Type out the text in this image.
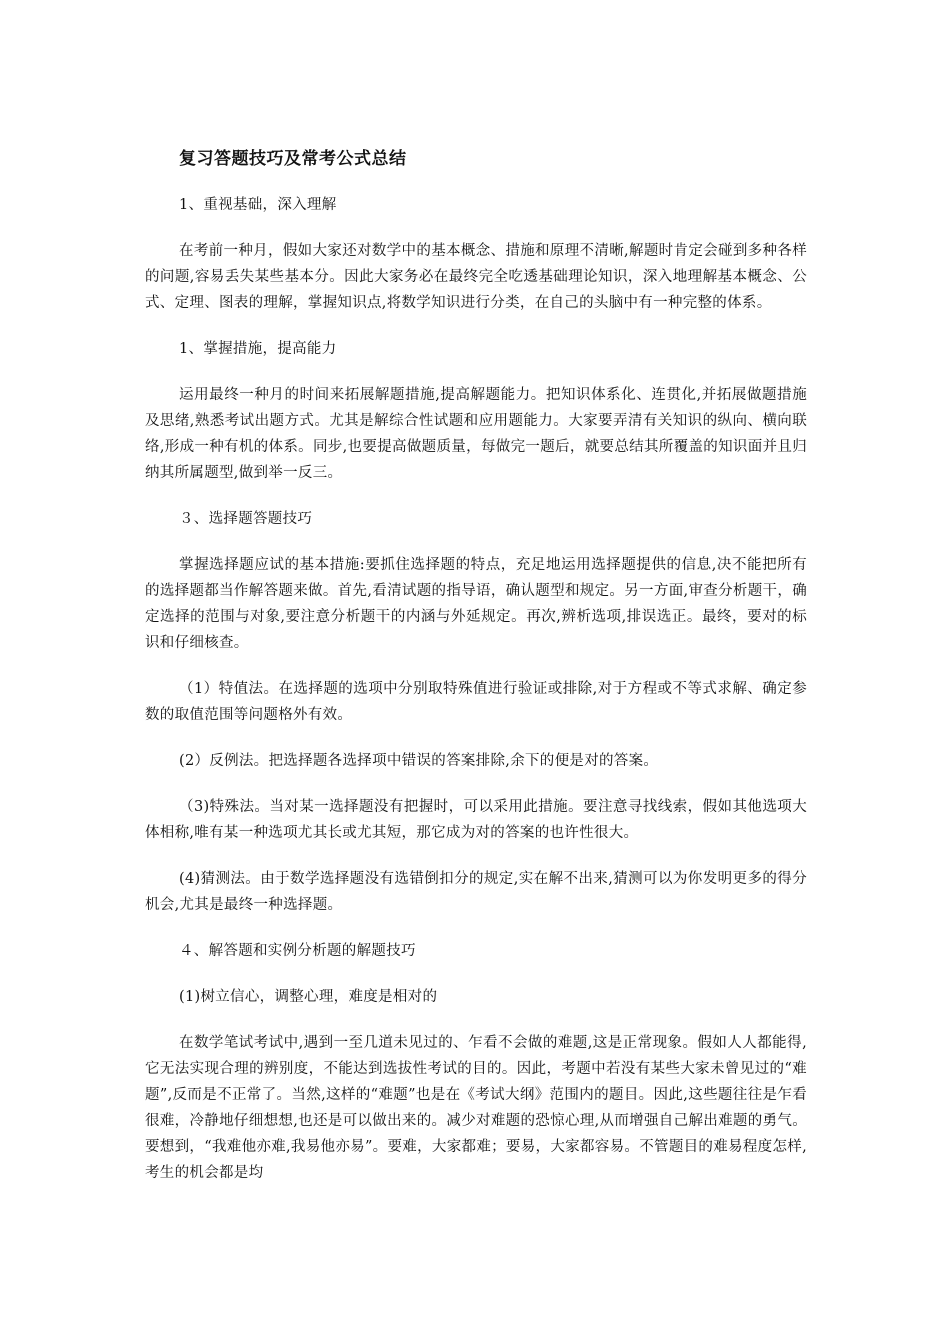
复习答题技巧及常考公式总结
1、重视基础，深入理解
在考前一种月，假如大家还对数学中的基本概念、措施和原理不清晰,解题时肯定会碰到多种各样的问题,容易丢失某些基本分。因此大家务必在最终完全吃透基础理论知识，深入地理解基本概念、公式、定理、图表的理解，掌握知识点,将数学知识进行分类，在自己的头脑中有一种完整的体系。
1、掌握措施，提高能力
运用最终一种月的时间来拓展解题措施,提高解题能力。把知识体系化、连贯化,并拓展做题措施及思绪,熟悉考试出题方式。尤其是解综合性试题和应用题能力。大家要弄清有关知识的纵向、横向联络,形成一种有机的体系。同步,也要提高做题质量，每做完一题后，就要总结其所覆盖的知识面并且归纳其所属题型,做到举一反三。
３、选择题答题技巧
掌握选择题应试的基本措施:要抓住选择题的特点，充足地运用选择题提供的信息,决不能把所有的选择题都当作解答题来做。首先,看清试题的指导语，确认题型和规定。另一方面,审查分析题干，确定选择的范围与对象,要注意分析题干的内涵与外延规定。再次,辨析选项,排误选正。最终，要对的标识和仔细核查。
（1）特值法。在选择题的选项中分别取特殊值进行验证或排除,对于方程或不等式求解、确定参数的取值范围等问题格外有效。
(2）反例法。把选择题各选择项中错误的答案排除,余下的便是对的答案。
（3)特殊法。当对某一选择题没有把握时，可以采用此措施。要注意寻找线索，假如其他选项大体相称,唯有某一种选项尤其长或尤其短，那它成为对的答案的也许性很大。
(4)猜测法。由于数学选择题没有选错倒扣分的规定,实在解不出来,猜测可以为你发明更多的得分机会,尤其是最终一种选择题。
４、解答题和实例分析题的解题技巧
(1)树立信心，调整心理，难度是相对的
在数学笔试考试中,遇到一至几道未见过的、乍看不会做的难题,这是正常现象。假如人人都能得,它无法实现合理的辨别度，不能达到选拔性考试的目的。因此，考题中若没有某些大家未曾见过的“难题”,反而是不正常了。当然,这样的“难题”也是在《考试大纲》范围内的题目。因此,这些题往往是乍看很难，冷静地仔细想想,也还是可以做出来的。减少对难题的恐惊心理,从而增强自己解出难题的勇气。要想到，“我难他亦难,我易他亦易”。要难，大家都难；要易，大家都容易。不管题目的难易程度怎样,考生的机会都是均
